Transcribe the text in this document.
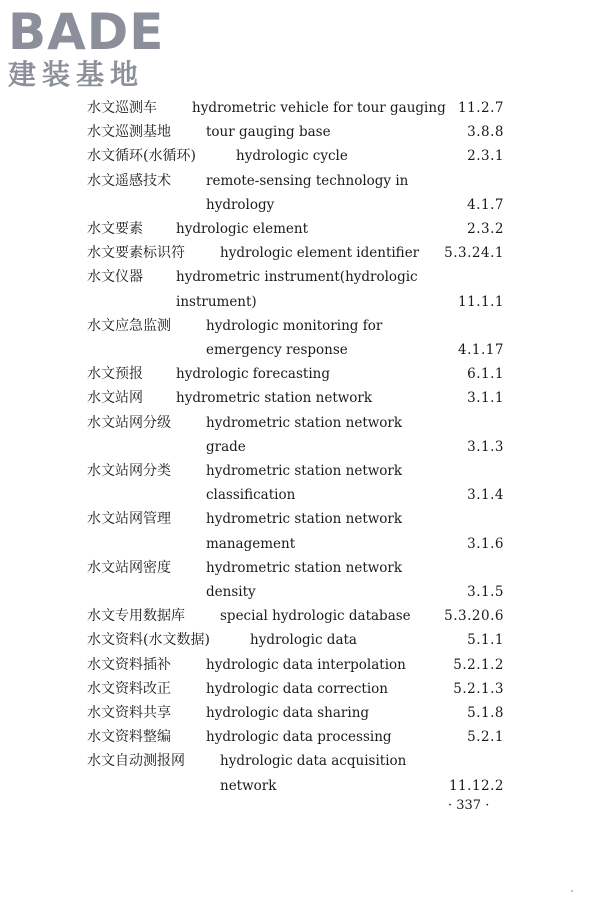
BADE
建装基地
水文巡测车	hydrometric vehicle for tour gauging 11.2.7
水文巡测基地	tour gauging base	3.8.8
水文循环(水循环)	hydrologic cycle	2.3.1
水文遥感技术	remote-sensing technology in
hydrology	4.1.7
水文要素 hydrologic element	2.3.2
水文要素标识符	hydrologic element identifier 5.3.24.1
水文仪器 hydrometric instrument(hydrologic
instrument)	11.1.1
水文应急监测	hydrologic monitoring for
emergency response	4.1.17
水文预报 hydrologic forecasting	6.1.1
水文站网 hydrometric station network	3.1.1
水文站网分级	hydrometric station network
grade	3.1.3
水文站网分类	hydrometric station network
classification	3.1.4
水文站网管理	hydrometric station network
management	3.1.6
水文站网密度	hydrometric station network
density	3.1.5
水文专用数据库	special hydrologic database 5.3.20.6
水文资料(水文数据)	hydrologic data	5.1.1
水文资料插补	hydrologic data interpolation	5.2.1.2
水文资料改正	hydrologic data correction	5.2.1.3
水文资料共享	hydrologic data sharing	5.1.8
水文资料整编	hydrologic data processing	5.2.1
水文自动测报网	hydrologic data acquisition
network	11.12.2
· 337 ·
